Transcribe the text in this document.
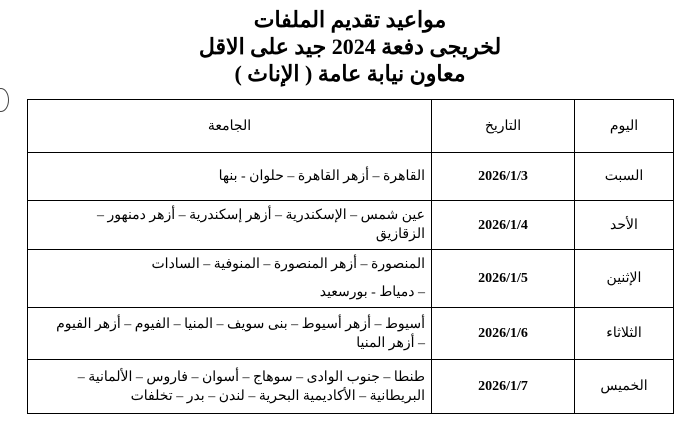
مواعيد تقديم الملفات
لخريجى دفعة 2024 جيد على الاقل
معاون نيابة عامة ( الإناث )
اليوم	التاريخ	الجامعة
السبت	2026/1/3	القاهرة – أزهر القاهرة – حلوان - بنها

الأحد	2026/1/4	عين شمس – الإسكندرية – أزهر إسكندرية – أزهر دمنهور –
الزقازيق

الإثنين	2026/1/5	المنصورة – أزهر المنصورة – المنوفية – السادات
– دمياط - بورسعيد

الثلاثاء	2026/1/6	أسيوط – أزهر أسيوط – بنى سويف – المنيا – الفيوم – أزهر الفيوم
– أزهر المنيا

الخميس	2026/1/7	طنطا – جنوب الوادى – سوهاج – أسوان – فاروس – الألمانية –
البريطانية – الأكاديمية البحرية – لندن – بدر – تخلفات
